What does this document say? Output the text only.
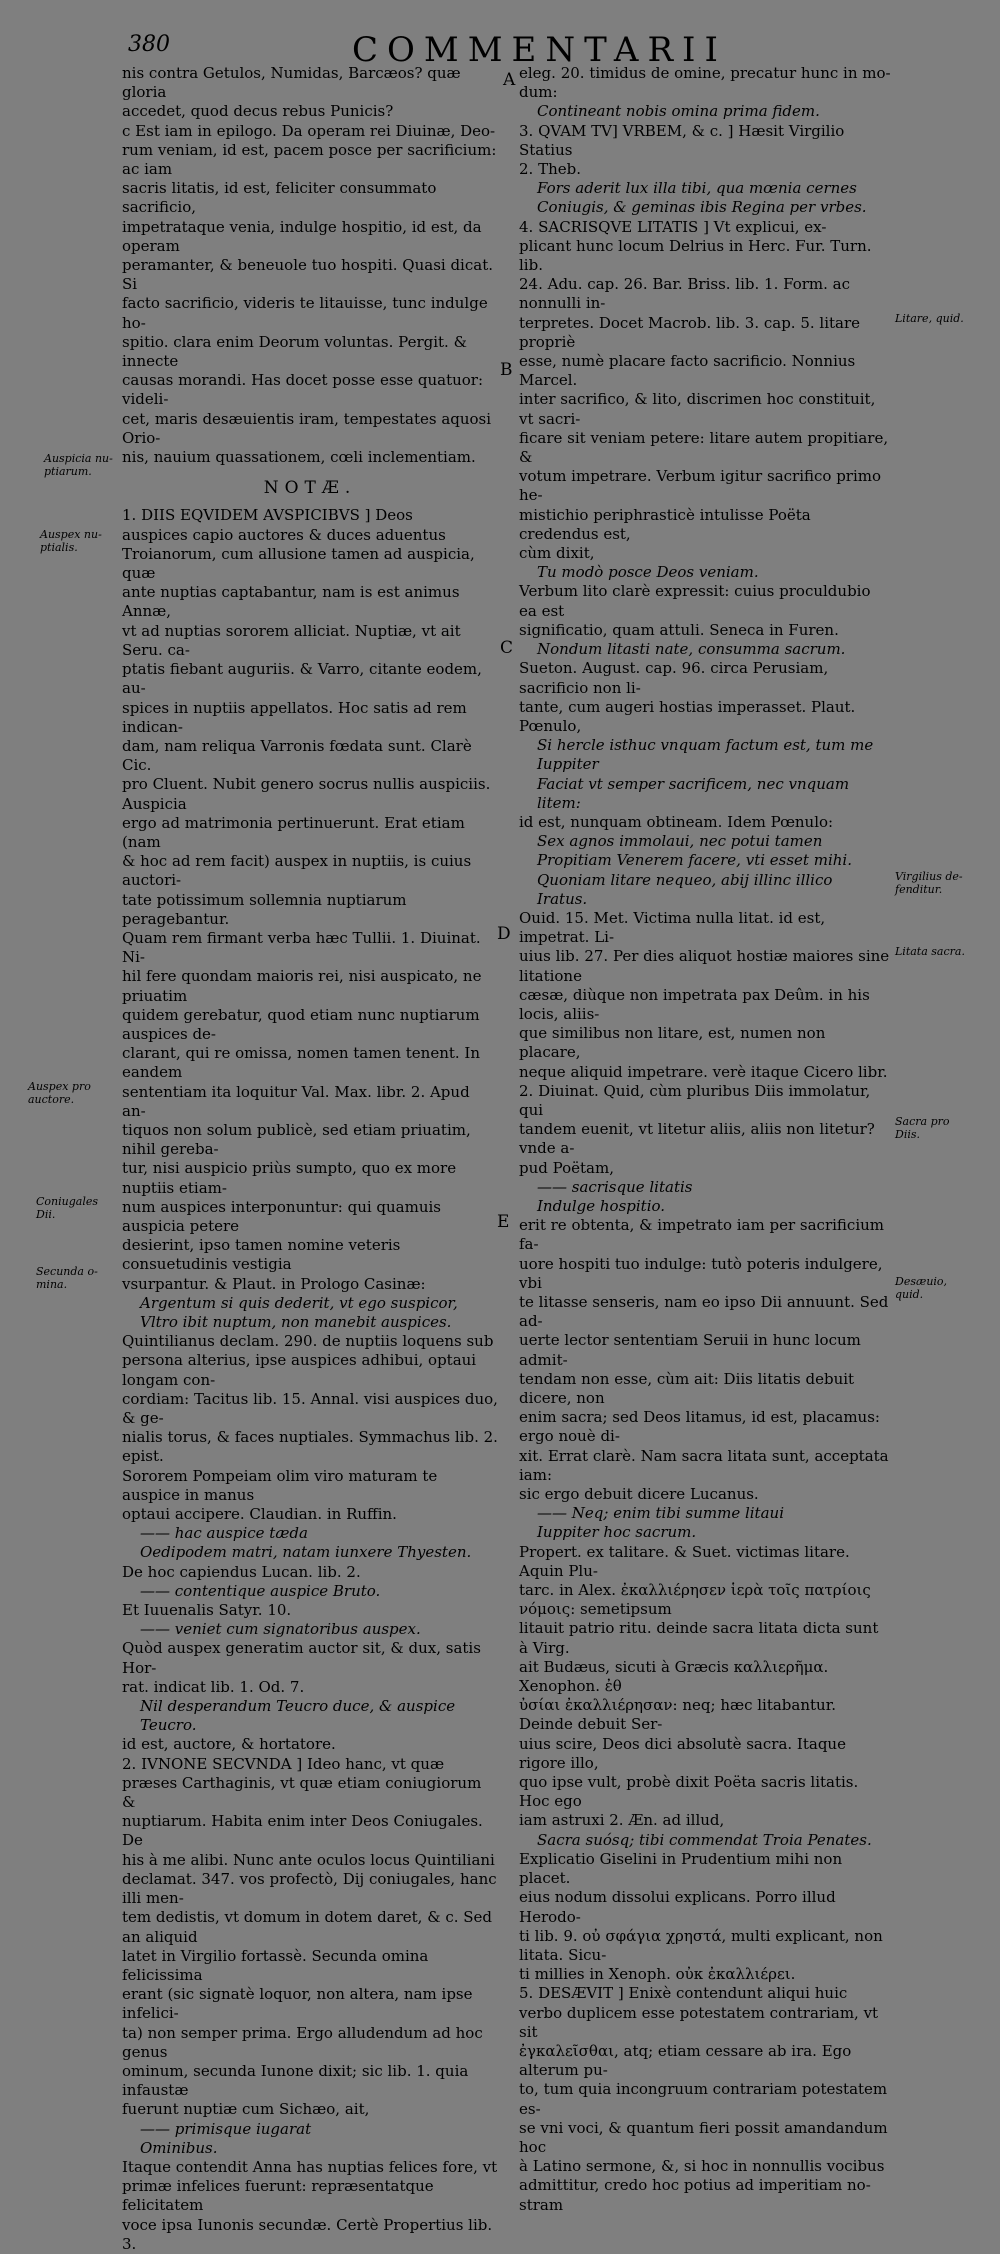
380	COMMENTARII

nis contra Getulos, Numidas, Barcæos? quæ gloria

accedet, quod decus rebus Punicis?

c Est iam in epilogo. Da operam rei Diuinæ, Deo-

rum veniam, id est, pacem posce per sacrificium: ac iam

sacris litatis, id est, feliciter consummato sacrificio,

impetrataque venia, indulge hospitio, id est, da operam

peramanter, & beneuole tuo hospiti. Quasi dicat. Si

facto sacrificio, videris te litauisse, tunc indulge ho-

spitio. clara enim Deorum voluntas. Pergit. & innecte

causas morandi. Has docet posse esse quatuor: videli-

cet, maris desæuientis iram, tempestates aquosi Orio-

nis, nauium quassationem, cœli inclementiam.

NOTÆ.

1. DIIS EQVIDEM AVSPICIBVS ] Deos

auspices capio auctores & duces aduentus

Troianorum, cum allusione tamen ad auspicia, quæ

ante nuptias captabantur, nam is est animus Annæ,

vt ad nuptias sororem alliciat. Nuptiæ, vt ait Seru. ca-

ptatis fiebant auguriis. & Varro, citante eodem, au-

spices in nuptiis appellatos. Hoc satis ad rem indican-

dam, nam reliqua Varronis fœdata sunt. Clarè Cic.

pro Cluent. Nubit genero socrus nullis auspiciis. Auspicia

ergo ad matrimonia pertinuerunt. Erat etiam (nam

& hoc ad rem facit) auspex in nuptiis, is cuius auctori-

tate potissimum sollemnia nuptiarum peragebantur.

Quam rem firmant verba hæc Tullii. 1. Diuinat. Ni-

hil fere quondam maioris rei, nisi auspicato, ne priuatim

quidem gerebatur, quod etiam nunc nuptiarum auspices de-

clarant, qui re omissa, nomen tamen tenent. In eandem

sententiam ita loquitur Val. Max. libr. 2. Apud an-

tiquos non solum publicè, sed etiam priuatim, nihil gereba-

tur, nisi auspicio priùs sumpto, quo ex more nuptiis etiam-

num auspices interponuntur: qui quamuis auspicia petere

desierint, ipso tamen nomine veteris consuetudinis vestigia

vsurpantur. & Plaut. in Prologo Casinæ:

Argentum si quis dederit, vt ego suspicor,

Vltro ibit nuptum, non manebit auspices.

Quintilianus declam. 290. de nuptiis loquens sub

persona alterius, ipse auspices adhibui, optaui longam con-

cordiam: Tacitus lib. 15. Annal. visi auspices duo, & ge-

nialis torus, & faces nuptiales. Symmachus lib. 2. epist.

Sororem Pompeiam olim viro maturam te auspice in manus

optaui accipere. Claudian. in Ruffin.

—— hac auspice tæda

Oedipodem matri, natam iunxere Thyesten.

De hoc capiendus Lucan. lib. 2.

—— contentique auspice Bruto.

Et Iuuenalis Satyr. 10.

—— veniet cum signatoribus auspex.

Quòd auspex generatim auctor sit, & dux, satis Hor-

rat. indicat lib. 1. Od. 7.

Nil desperandum Teucro duce, & auspice Teucro.

id est, auctore, & hortatore.

2. IVNONE SECVNDA ] Ideo hanc, vt quæ

præses Carthaginis, vt quæ etiam coniugiorum &

nuptiarum. Habita enim inter Deos Coniugales. De

his à me alibi. Nunc ante oculos locus Quintiliani

declamat. 347. vos profectò, Dij coniugales, hanc illi men-

tem dedistis, vt domum in dotem daret, & c. Sed an aliquid

latet in Virgilio fortassè. Secunda omina felicissima

erant (sic signatè loquor, non altera, nam ipse infelici-

ta) non semper prima. Ergo alludendum ad hoc genus

ominum, secunda Iunone dixit; sic lib. 1. quia infaustæ

fuerunt nuptiæ cum Sichæo, ait,

—— primisque iugarat

Ominibus.

Itaque contendit Anna has nuptias felices fore, vt

primæ infelices fuerunt: repræsentatque felicitatem

voce ipsa Iunonis secundæ. Certè Propertius lib. 3.

eleg. 20. timidus de omine, precatur hunc in mo-

dum:

Contineant nobis omina prima fidem.

3. QVAM TV] VRBEM, & c. ] Hæsit Virgilio Statius

2. Theb.

Fors aderit lux illa tibi, qua mœnia cernes

Coniugis, & geminas ibis Regina per vrbes.

4. SACRISQVE LITATIS ] Vt explicui, ex-

plicant hunc locum Delrius in Herc. Fur. Turn. lib.

24. Adu. cap. 26. Bar. Briss. lib. 1. Form. ac nonnulli in-

terpretes. Docet Macrob. lib. 3. cap. 5. litare propriè

esse, numè placare facto sacrificio. Nonnius Marcel.

inter sacrifico, & lito, discrimen hoc constituit, vt sacri-

ficare sit veniam petere: litare autem propitiare, &

votum impetrare. Verbum igitur sacrifico primo he-

mistichio periphrasticè intulisse Poëta credendus est,

cùm dixit,

Tu modò posce Deos veniam.

Verbum lito clarè expressit: cuius proculdubio ea est

significatio, quam attuli. Seneca in Furen.

Nondum litasti nate, consumma sacrum.

Sueton. August. cap. 96. circa Perusiam, sacrificio non li-

tante, cum augeri hostias imperasset. Plaut. Pœnulo,

Si hercle isthuc vnquam factum est, tum me Iuppiter

Faciat vt semper sacrificem, nec vnquam litem:

id est, nunquam obtineam. Idem Pœnulo:

Sex agnos immolaui, nec potui tamen

Propitiam Venerem facere, vti esset mihi.

Quoniam litare nequeo, abij illinc illico

Iratus.

Ouid. 15. Met. Victima nulla litat. id est, impetrat. Li-

uius lib. 27. Per dies aliquot hostiæ maiores sine litatione

cæsæ, diùque non impetrata pax Deûm. in his locis, aliis-

que similibus non litare, est, numen non placare,

neque aliquid impetrare. verè itaque Cicero libr.

2. Diuinat. Quid, cùm pluribus Diis immolatur, qui

tandem euenit, vt litetur aliis, aliis non litetur? vnde a-

pud Poëtam,

—— sacrisque litatis

Indulge hospitio.

erit re obtenta, & impetrato iam per sacrificium fa-

uore hospiti tuo indulge: tutò poteris indulgere, vbi

te litasse senseris, nam eo ipso Dii annuunt. Sed ad-

uerte lector sententiam Seruii in hunc locum admit-

tendam non esse, cùm ait: Diis litatis debuit dicere, non

enim sacra; sed Deos litamus, id est, placamus: ergo nouè di-

xit. Errat clarè. Nam sacra litata sunt, acceptata iam:

sic ergo debuit dicere Lucanus.

—— Neq; enim tibi summe litaui

Iuppiter hoc sacrum.

Propert. ex talitare. & Suet. victimas litare. Aquin Plu-

tarc. in Alex. ἐκαλλιέρησεν ἱερὰ τοῖς πατρίοις νόμοις: semetipsum

litauit patrio ritu. deinde sacra litata dicta sunt à Virg.

ait Budæus, sicuti à Græcis καλλιερῆμα. Xenophon. ἐθ

ὐσίαι ἐκαλλιέρησαν: neq; hæc litabantur. Deinde debuit Ser-

uius scire, Deos dici absolutè sacra. Itaque rigore illo,

quo ipse vult, probè dixit Poëta sacris litatis. Hoc ego

iam astruxi 2. Æn. ad illud,

Sacra suósq; tibi commendat Troia Penates.

Explicatio Giselini in Prudentium mihi non placet.

eius nodum dissolui explicans. Porro illud Herodo-

ti lib. 9. οὐ σφάγια χρηστά, multi explicant, non litata. Sicu-

ti millies in Xenoph. οὐκ ἐκαλλιέρει.

5. DESÆVIT ] Enixè contendunt aliqui huic

verbo duplicem esse potestatem contrariam, vt sit

ἐγκαλεῖσθαι, atq; etiam cessare ab ira. Ego alterum pu-

to, tum quia incongruum contrariam potestatem es-

se vni voci, & quantum fieri possit amandandum hoc

à Latino sermone, &, si hoc in nonnullis vocibus

admittitur, credo hoc potius ad imperitiam no-

stram

Auspicia nu-ptiarum.
Auspex nu-ptialis.
Auspex pro auctore.
Coniugales Dii.
Secunda o-mina.
Litare, quid.
Virgilius de-fenditur.
Litata sacra.
Sacra pro Diis.
Desæuio, quid.
A
B
C
D
E
